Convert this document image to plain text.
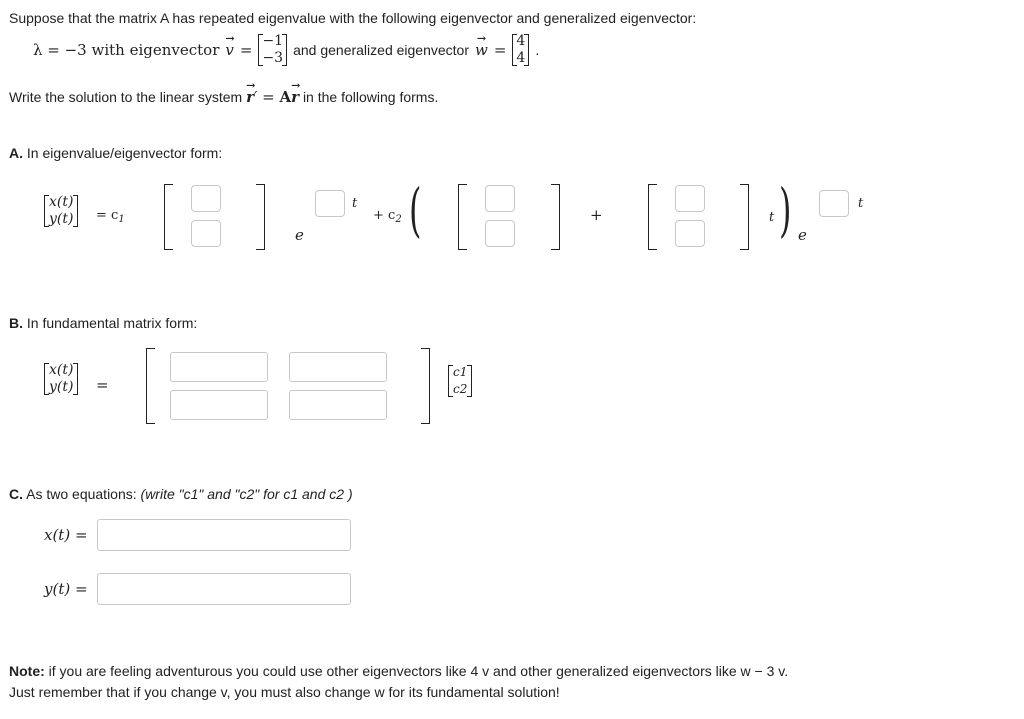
Suppose that the matrix A has repeated eigenvalue with the following eigenvector and generalized eigenvector:
λ = −3 with eigenvector → v = −1
−3 and generalized eigenvector → w = 4
4 .
Write the solution to the linear system → r′ = A→ r in the following forms.
A. In eigenvalue/eigenvector form:
x(t)
$y(t) = c_1$
e
t
+ $c_2$ (	+	t ) e
t
B. In fundamental matrix form:
x(t)
y(t) =
c1
c2
C. As two equations: (write "c1" and "c2" for c1 and c2 )
x(t) =
y(t) =
Note: if you are feeling adventurous you could use other eigenvectors like 4 v and other generalized eigenvectors like w − 3 v.
Just remember that if you change v, you must also change w for its fundamental solution!
